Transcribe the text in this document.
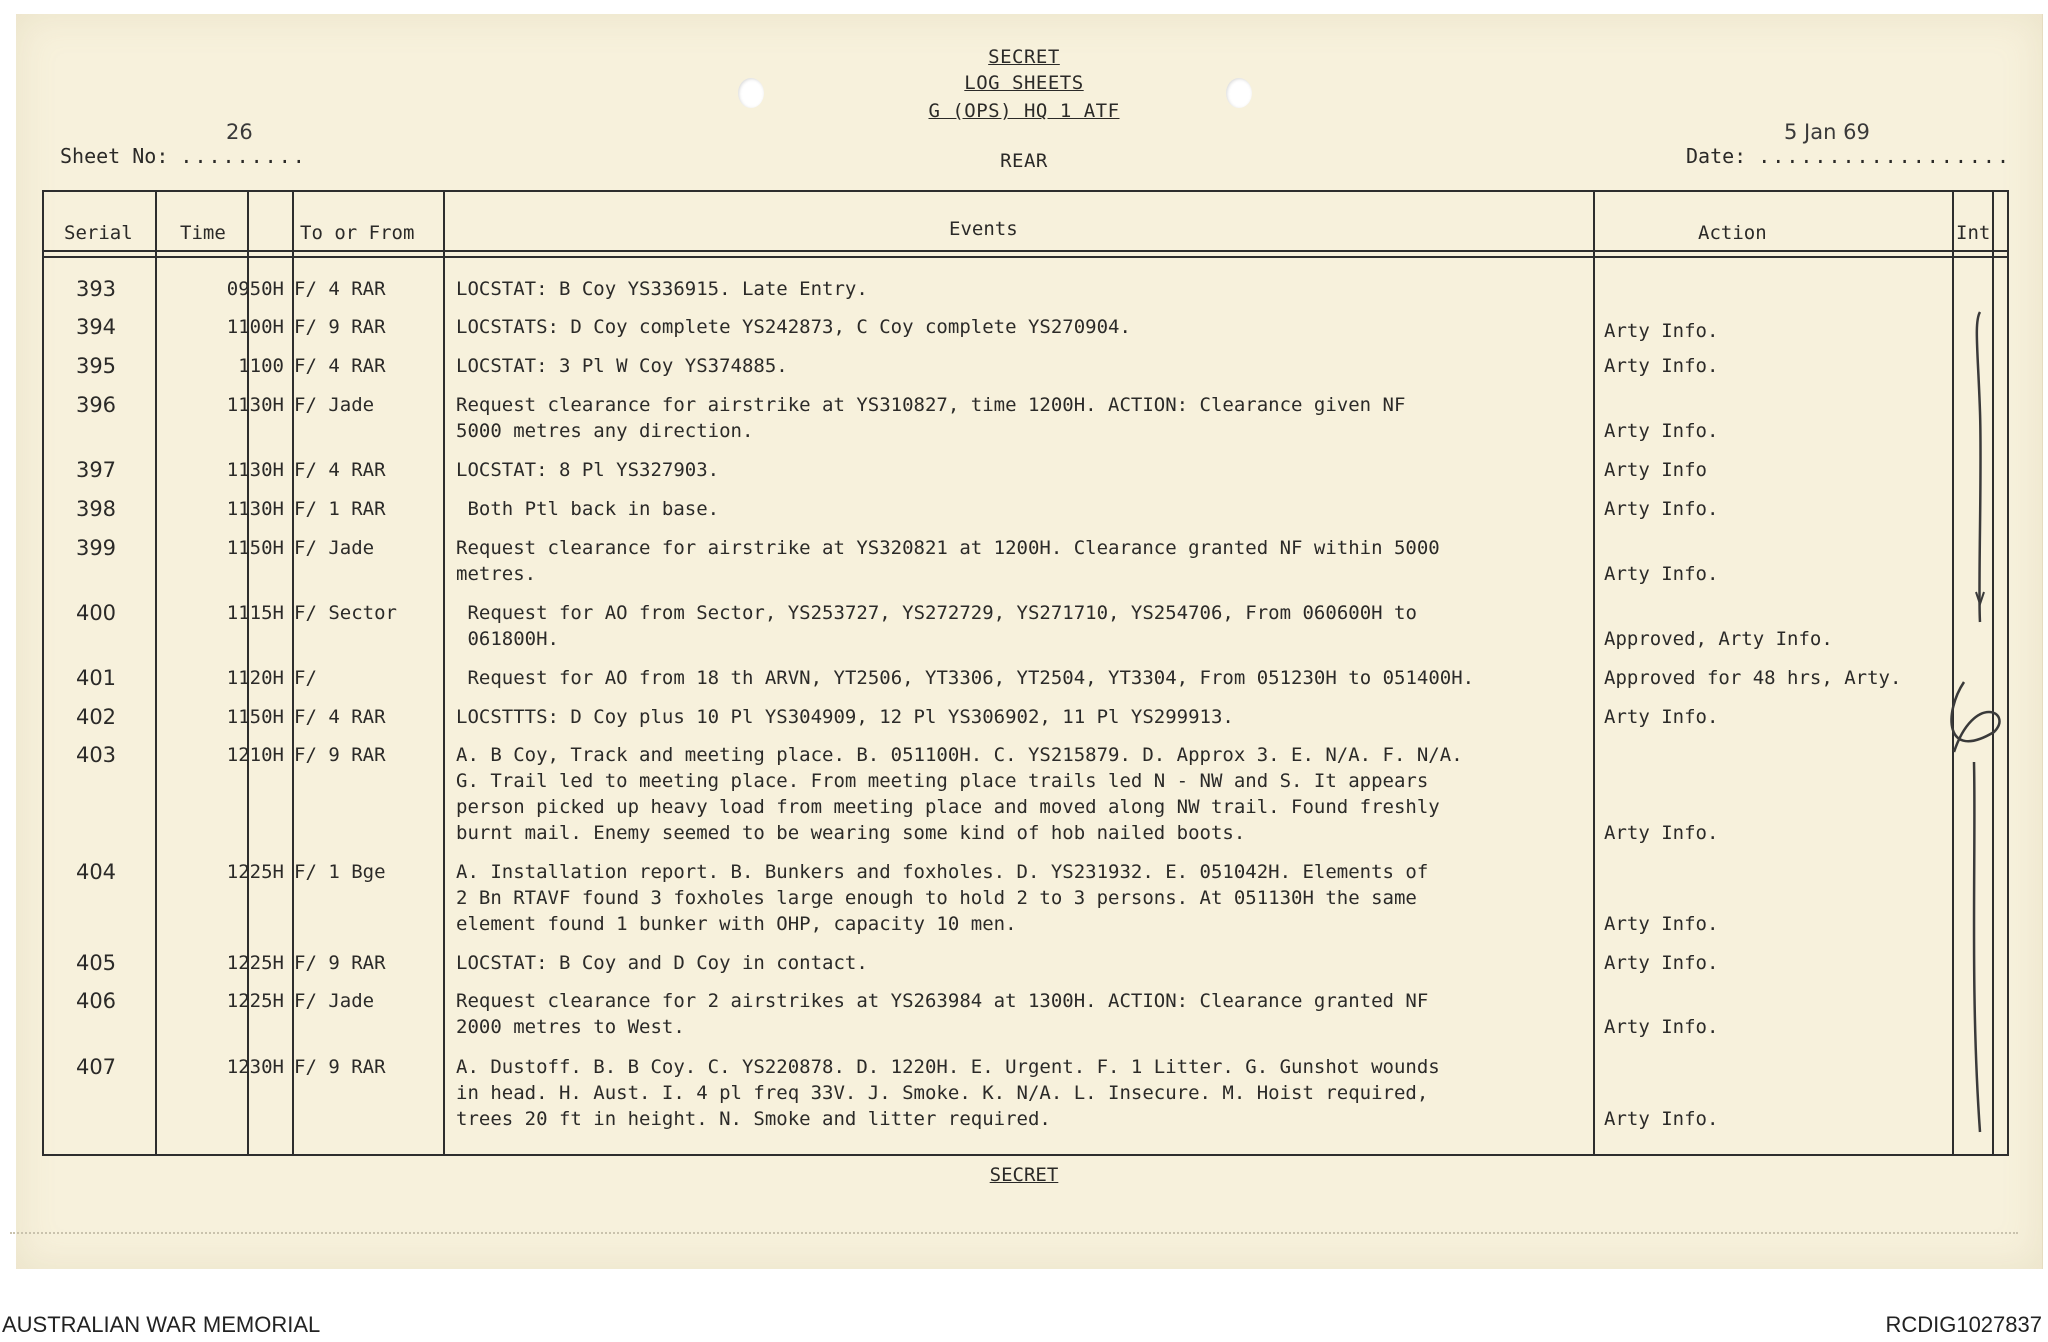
SECRET
LOG SHEETS
G (OPS) HQ 1 ATF
REAR
26
Sheet No: .........
5 Jan 69
Date: ..................
Serial Time	To or From	Events	Action	Int
393	0950H F/ 4 RAR	LOCSTAT: B Coy YS336915. Late Entry.
394	1100H F/ 9 RAR	LOCSTATS: D Coy complete YS242873, C Coy complete YS270904.	Arty Info.
395	1100 F/ 4 RAR	LOCSTAT: 3 Pl W Coy YS374885.	Arty Info.
396	1130H F/ Jade	Request clearance for airstrike at YS310827, time 1200H. ACTION: Clearance given NF
5000 metres any direction.	Arty Info.
397	1130H F/ 4 RAR	LOCSTAT: 8 Pl YS327903.	Arty Info
398	1130H F/ 1 RAR	Both Ptl back in base.	Arty Info.
399	1150H F/ Jade	Request clearance for airstrike at YS320821 at 1200H. Clearance granted NF within 5000
metres.	Arty Info.
400	1115H F/ Sector	Request for AO from Sector, YS253727, YS272729, YS271710, YS254706, From 060600H to
061800H.	Approved, Arty Info.
401	1120H F/	Request for AO from 18 th ARVN, YT2506, YT3306, YT2504, YT3304, From 051230H to 051400H.	Approved for 48 hrs, Arty.
402	1150H F/ 4 RAR	LOCSTTTS: D Coy plus 10 Pl YS304909, 12 Pl YS306902, 11 Pl YS299913.	Arty Info.
403	1210H F/ 9 RAR	A. B Coy, Track and meeting place. B. 051100H. C. YS215879. D. Approx 3. E. N/A. F. N/A.
G. Trail led to meeting place. From meeting place trails led N - NW and S. It appears
person picked up heavy load from meeting place and moved along NW trail. Found freshly
burnt mail. Enemy seemed to be wearing some kind of hob nailed boots.	Arty Info.
404	1225H F/ 1 Bge	A. Installation report. B. Bunkers and foxholes. D. YS231932. E. 051042H. Elements of
2 Bn RTAVF found 3 foxholes large enough to hold 2 to 3 persons. At 051130H the same
element found 1 bunker with OHP, capacity 10 men.	Arty Info.
405	1225H F/ 9 RAR	LOCSTAT: B Coy and D Coy in contact.	Arty Info.
406	1225H F/ Jade	Request clearance for 2 airstrikes at YS263984 at 1300H. ACTION: Clearance granted NF
2000 metres to West.	Arty Info.
407	1230H F/ 9 RAR	A. Dustoff. B. B Coy. C. YS220878. D. 1220H. E. Urgent. F. 1 Litter. G. Gunshot wounds
in head. H. Aust. I. 4 pl freq 33V. J. Smoke. K. N/A. L. Insecure. M. Hoist required,
trees 20 ft in height. N. Smoke and litter required.	Arty Info.
SECRET
AUSTRALIAN WAR MEMORIAL	RCDIG1027837
